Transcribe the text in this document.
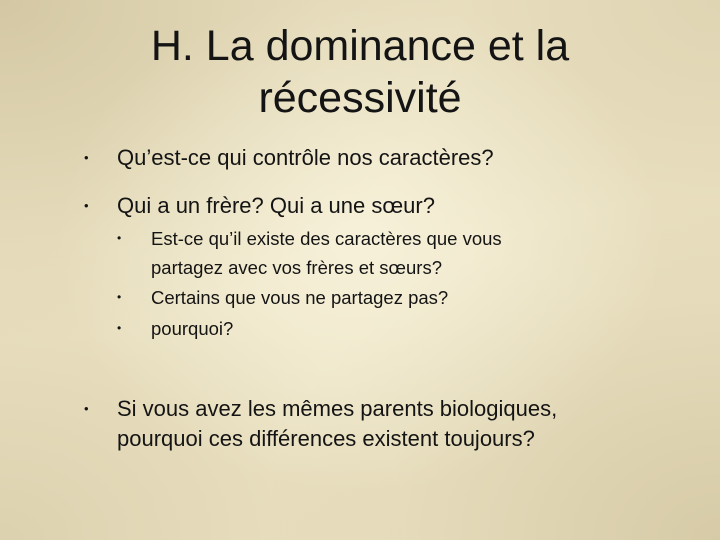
H. La dominance et la
récessivité
• Qu’est-ce qui contrôle nos caractères?
• Qui a un frère? Qui a une sœur?
• Est-ce qu’il existe des caractères que vous
partagez avec vos frères et sœurs?
• Certains que vous ne partagez pas?
• pourquoi?
• Si vous avez les mêmes parents biologiques,
pourquoi ces différences existent toujours?
